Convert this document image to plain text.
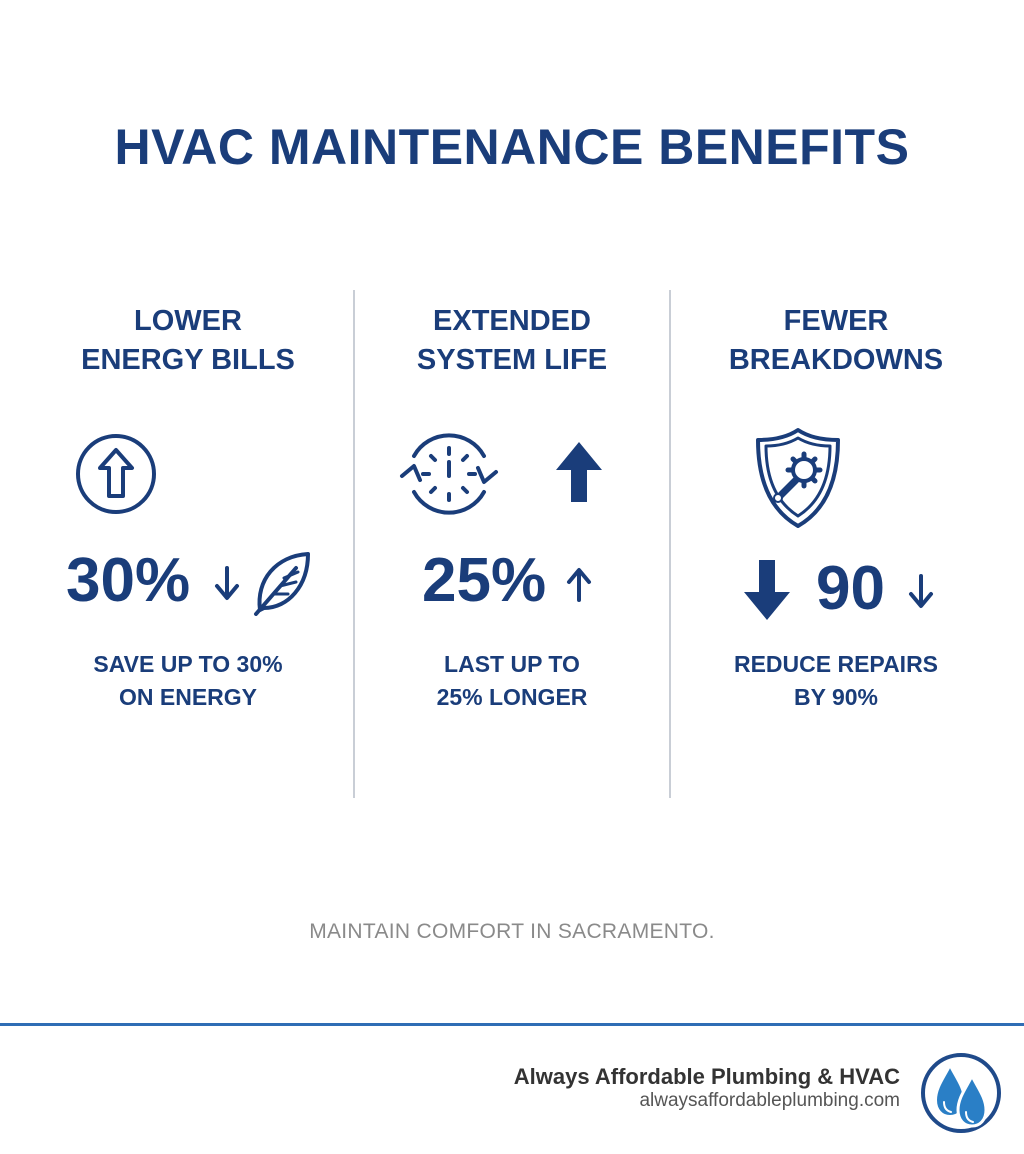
HVAC MAINTENANCE BENEFITS
LOWER
ENERGY BILLS
30%

SAVE UP TO 30%
ON ENERGY

EXTENDED
SYSTEM LIFE
25%

LAST UP TO
25% LONGER

FEWER
BREAKDOWNS
90

REDUCE REPAIRS
BY 90%

MAINTAIN COMFORT IN SACRAMENTO.
Always Affordable Plumbing & HVAC
alwaysaffordableplumbing.com
